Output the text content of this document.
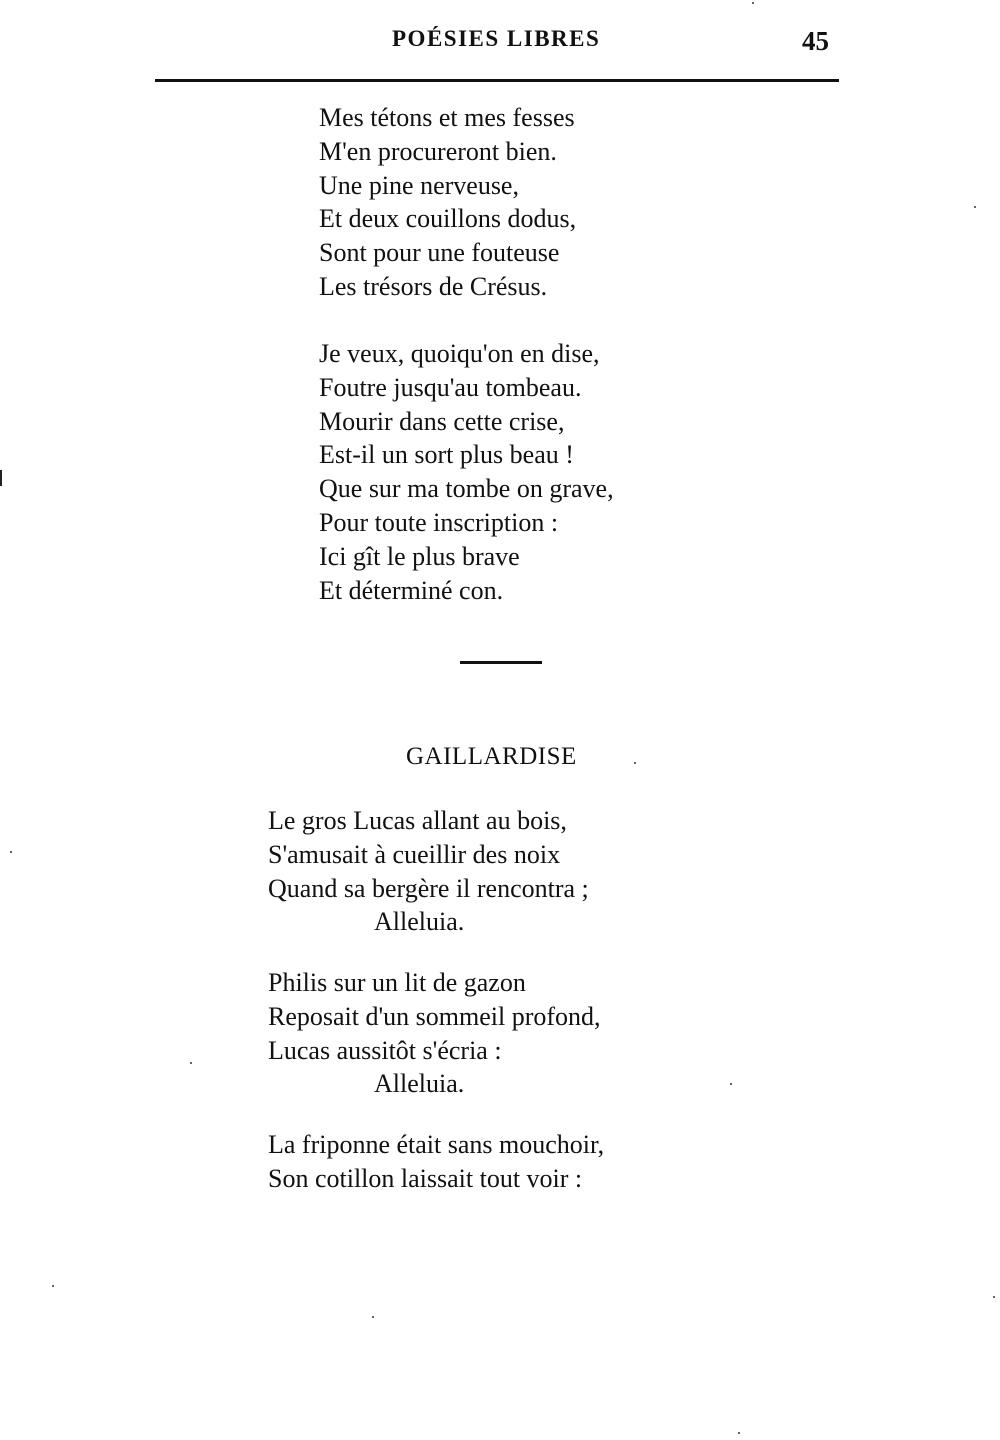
POÉSIES LIBRES	45
Mes tétons et mes fesses
M'en procureront bien.
Une pine nerveuse,
Et deux couillons dodus,
Sont pour une fouteuse
Les trésors de Crésus.
Je veux, quoiqu'on en dise,
Foutre jusqu'au tombeau.
Mourir dans cette crise,
Est-il un sort plus beau !
Que sur ma tombe on grave,
Pour toute inscription :
Ici gît le plus brave
Et déterminé con.
GAILLARDISE
Le gros Lucas allant au bois,
S'amusait à cueillir des noix
Quand sa bergère il rencontra ;
Alleluia.
Philis sur un lit de gazon
Reposait d'un sommeil profond,
Lucas aussitôt s'écria :
Alleluia.
La friponne était sans mouchoir,
Son cotillon laissait tout voir :
